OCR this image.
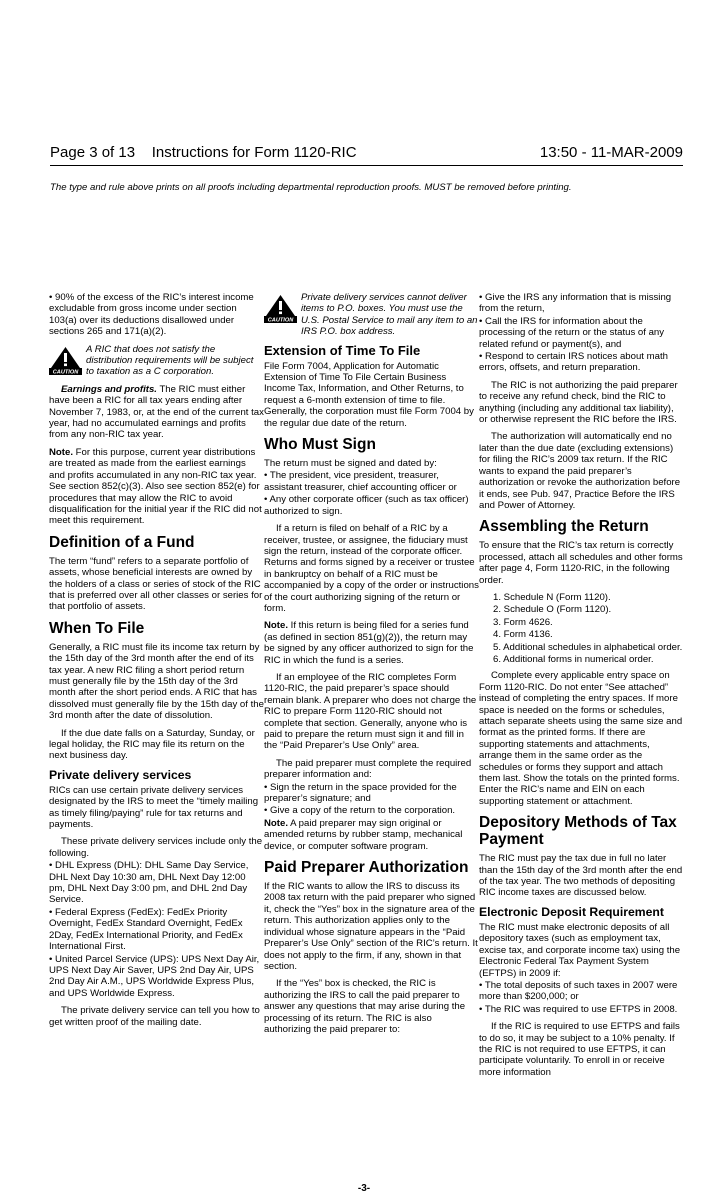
Page 3 of 13    Instructions for Form 1120-RIC	13:50 - 11-MAR-2009
The type and rule above prints on all proofs including departmental reproduction proofs. MUST be removed before printing.

• 90% of the excess of the RIC’s interest income excludable from gross income under section 103(a) over its deductions disallowed under sections 265 and 171(a)(2).

CAUTION
A RIC that does not satisfy the distribution requirements will be subject to taxation as a C corporation.

Earnings and profits. The RIC must either have been a RIC for all tax years ending after November 7, 1983, or, at the end of the current tax year, had no accumulated earnings and profits from any non-RIC tax year.

Note. For this purpose, current year distributions are treated as made from the earliest earnings and profits accumulated in any non-RIC tax year. See section 852(c)(3). Also see section 852(e) for procedures that may allow the RIC to avoid disqualification for the initial year if the RIC did not meet this requirement.

Definition of a Fund

The term “fund” refers to a separate portfolio of assets, whose beneficial interests are owned by the holders of a class or series of stock of the RIC that is preferred over all other classes or series for that portfolio of assets.

When To File

Generally, a RIC must file its income tax return by the 15th day of the 3rd month after the end of its tax year. A new RIC filing a short period return must generally file by the 15th day of the 3rd month after the short period ends. A RIC that has dissolved must generally file by the 15th day of the 3rd month after the date of dissolution.

If the due date falls on a Saturday, Sunday, or legal holiday, the RIC may file its return on the next business day.

Private delivery services

RICs can use certain private delivery services designated by the IRS to meet the “timely mailing as timely filing/paying” rule for tax returns and payments.

These private delivery services include only the following.

• DHL Express (DHL): DHL Same Day Service, DHL Next Day 10:30 am, DHL Next Day 12:00 pm, DHL Next Day 3:00 pm, and DHL 2nd Day Service.

• Federal Express (FedEx): FedEx Priority Overnight, FedEx Standard Overnight, FedEx 2Day, FedEx International Priority, and FedEx International First.

• United Parcel Service (UPS): UPS Next Day Air, UPS Next Day Air Saver, UPS 2nd Day Air, UPS 2nd Day Air A.M., UPS Worldwide Express Plus, and UPS Worldwide Express.

The private delivery service can tell you how to get written proof of the mailing date.

CAUTION
Private delivery services cannot deliver items to P.O. boxes. You must use the U.S. Postal Service to mail any item to an IRS P.O. box address.
Extension of Time To File

File Form 7004, Application for Automatic Extension of Time To File Certain Business Income Tax, Information, and Other Returns, to request a 6-month extension of time to file. Generally, the corporation must file Form 7004 by the regular due date of the return.

Who Must Sign

The return must be signed and dated by:

• The president, vice president, treasurer, assistant treasurer, chief accounting officer or

• Any other corporate officer (such as tax officer) authorized to sign.

If a return is filed on behalf of a RIC by a receiver, trustee, or assignee, the fiduciary must sign the return, instead of the corporate officer. Returns and forms signed by a receiver or trustee in bankruptcy on behalf of a RIC must be accompanied by a copy of the order or instructions of the court authorizing signing of the return or form.

Note. If this return is being filed for a series fund (as defined in section 851(g)(2)), the return may be signed by any officer authorized to sign for the RIC in which the fund is a series.

If an employee of the RIC completes Form 1120-RIC, the paid preparer’s space should remain blank. A preparer who does not charge the RIC to prepare Form 1120-RIC should not complete that section. Generally, anyone who is paid to prepare the return must sign it and fill in the “Paid Preparer’s Use Only” area.

The paid preparer must complete the required preparer information and:

• Sign the return in the space provided for the preparer’s signature; and

• Give a copy of the return to the corporation.

Note. A paid preparer may sign original or amended returns by rubber stamp, mechanical device, or computer software program.

Paid Preparer Authorization

If the RIC wants to allow the IRS to discuss its 2008 tax return with the paid preparer who signed it, check the “Yes” box in the signature area of the return. This authorization applies only to the individual whose signature appears in the “Paid Preparer’s Use Only” section of the RIC’s return. It does not apply to the firm, if any, shown in that section.

If the “Yes” box is checked, the RIC is authorizing the IRS to call the paid preparer to answer any questions that may arise during the processing of its return. The RIC is also authorizing the paid preparer to:

• Give the IRS any information that is missing from the return,

• Call the IRS for information about the processing of the return or the status of any related refund or payment(s), and

• Respond to certain IRS notices about math errors, offsets, and return preparation.

The RIC is not authorizing the paid preparer to receive any refund check, bind the RIC to anything (including any additional tax liability), or otherwise represent the RIC before the IRS.

The authorization will automatically end no later than the due date (excluding extensions) for filing the RIC’s 2009 tax return. If the RIC wants to expand the paid preparer’s authorization or revoke the authorization before it ends, see Pub. 947, Practice Before the IRS and Power of Attorney.

Assembling the Return

To ensure that the RIC’s tax return is correctly processed, attach all schedules and other forms after page 4, Form 1120-RIC, in the following order.

1. Schedule N (Form 1120).
2. Schedule O (Form 1120).
3. Form 4626.
4. Form 4136.
5. Additional schedules in alphabetical order.
6. Additional forms in numerical order.

Complete every applicable entry space on Form 1120-RIC. Do not enter “See attached” instead of completing the entry spaces. If more space is needed on the forms or schedules, attach separate sheets using the same size and format as the printed forms. If there are supporting statements and attachments, arrange them in the same order as the schedules or forms they support and attach them last. Show the totals on the printed forms. Enter the RIC’s name and EIN on each supporting statement or attachment.

Depository Methods of Tax Payment

The RIC must pay the tax due in full no later than the 15th day of the 3rd month after the end of the tax year. The two methods of depositing RIC income taxes are discussed below.

Electronic Deposit Requirement

The RIC must make electronic deposits of all depository taxes (such as employment tax, excise tax, and corporate income tax) using the Electronic Federal Tax Payment System (EFTPS) in 2009 if:

• The total deposits of such taxes in 2007 were more than $200,000; or

• The RIC was required to use EFTPS in 2008.

If the RIC is required to use EFTPS and fails to do so, it may be subject to a 10% penalty. If the RIC is not required to use EFTPS, it can participate voluntarily. To enroll in or receive more information

-3-
